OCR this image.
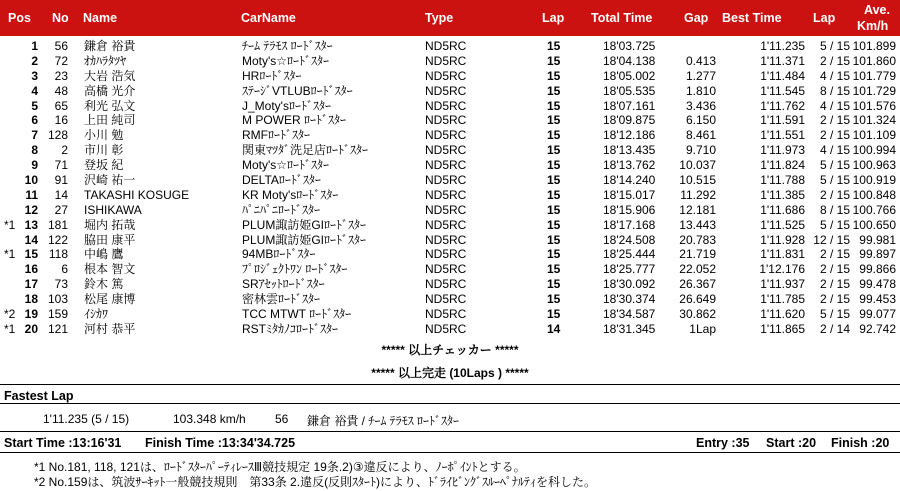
Pos No Name	CarName	Type	Lap Total Time	Gap Best Time	Lap
Ave.
Km/h
1 56 鎌倉 裕貴	ﾁｰﾑ ﾃﾗﾓｽ ﾛｰﾄﾞｽﾀｰ	ND5RC	15	18'03.725	1'11.235 5 / 15 101.899
2 72 ｵｶﾊﾗﾀﾂﾔ	Moty's☆ﾛｰﾄﾞｽﾀｰ	ND5RC	15	18'04.138	0.413	1'11.371 2 / 15 101.860
3 23 大岩 浩気	HRﾛｰﾄﾞｽﾀｰ	ND5RC	15	18'05.002	1.277	1'11.484 4 / 15 101.779
4 48 高橋 光介	ｽﾃｰｼﾞVTLUBﾛｰﾄﾞｽﾀｰ	ND5RC	15	18'05.535	1.810	1'11.545 8 / 15 101.729
5 65 利光 弘文	J_Moty'sﾛｰﾄﾞｽﾀｰ	ND5RC	15	18'07.161	3.436	1'11.762 4 / 15 101.576
6 16 上田 純司	M POWER ﾛｰﾄﾞｽﾀｰ	ND5RC	15	18'09.875	6.150	1'11.591 2 / 15 101.324
7 128 小川 勉	RMFﾛｰﾄﾞｽﾀｰ	ND5RC	15	18'12.186	8.461	1'11.551 2 / 15 101.109
8 2 市川 彰	関東ﾏﾂﾀﾞ洗足店ﾛｰﾄﾞｽﾀｰ	ND5RC	15	18'13.435	9.710	1'11.973 4 / 15 100.994
9 71 登坂 紀	Moty's☆ﾛｰﾄﾞｽﾀｰ	ND5RC	15	18'13.762 10.037	1'11.824 5 / 15 100.963
10 91 沢崎 祐一	DELTAﾛｰﾄﾞｽﾀｰ	ND5RC	15	18'14.240 10.515	1'11.788 5 / 15 100.919
11 14 TAKASHI KOSUGE	KR Moty'sﾛｰﾄﾞｽﾀｰ	ND5RC	15	18'15.017 11.292	1'11.385 2 / 15 100.848
12 27 ISHIKAWA	ﾊﾟﾆﾊﾟﾆﾛｰﾄﾞｽﾀｰ	ND5RC	15	18'15.906 12.181	1'11.686 8 / 15 100.766
*1 13 181 堀内 拓哉	PLUM諏訪姫GIﾛｰﾄﾞｽﾀｰ	ND5RC	15	18'17.168 13.443	1'11.525 5 / 15 100.650
14 122 脇田 康平	PLUM諏訪姫GIﾛｰﾄﾞｽﾀｰ	ND5RC	15	18'24.508 20.783	1'11.928 12 / 15 99.981
*1 15 118 中嶋 鷹	94MBﾛｰﾄﾞｽﾀｰ	ND5RC	15	18'25.444 21.719	1'11.831 2 / 15 99.897
16 6 根本 智文	ﾌﾟﾛｼﾞｪｸﾄﾜﾝ ﾛｰﾄﾞｽﾀｰ	ND5RC	15	18'25.777 22.052	1'12.176 2 / 15 99.866
17 73 鈴木 篤	SRｱｾｯﾄﾛｰﾄﾞｽﾀｰ	ND5RC	15	18'30.092 26.367	1'11.937 2 / 15 99.478
18 103 松尾 康博	密林雲ﾛｰﾄﾞｽﾀｰ	ND5RC	15	18'30.374 26.649	1'11.785 2 / 15 99.453
*2 19 159 ｲｼｶﾜ	TCC MTWT ﾛｰﾄﾞｽﾀｰ	ND5RC	15	18'34.587 30.862	1'11.620 5 / 15 99.077
*1 20 121 河村 恭平	RSTﾐﾀｶﾉｺﾛｰﾄﾞｽﾀｰ	ND5RC	14	18'31.345	1Lap	1'11.865 2 / 14 92.742
***** 以上チェッカー *****
***** 以上完走 (10Laps ) *****
Fastest Lap
1'11.235 (5 / 15)	103.348 km/h 56 鎌倉 裕貴 / ﾁｰﾑ ﾃﾗﾓｽ ﾛｰﾄﾞｽﾀｰ
Start Time :13:16'31 Finish Time :13:34'34.725	Entry :35 Start :20 Finish :20
*1 No.181, 118, 121は、ﾛｰﾄﾞｽﾀｰﾊﾟｰﾃｨﾚｰｽⅢ競技規定 19条.2)③違反により、ﾉｰﾎﾟｲﾝﾄとする。
*2 No.159は、筑波ｻｰｷｯﾄ一般競技規則　第33条 2.違反(反則ｽﾀｰﾄ)により、ﾄﾞﾗｲﾋﾞﾝｸﾞｽﾙｰﾍﾟﾅﾙﾃｨを科した。
